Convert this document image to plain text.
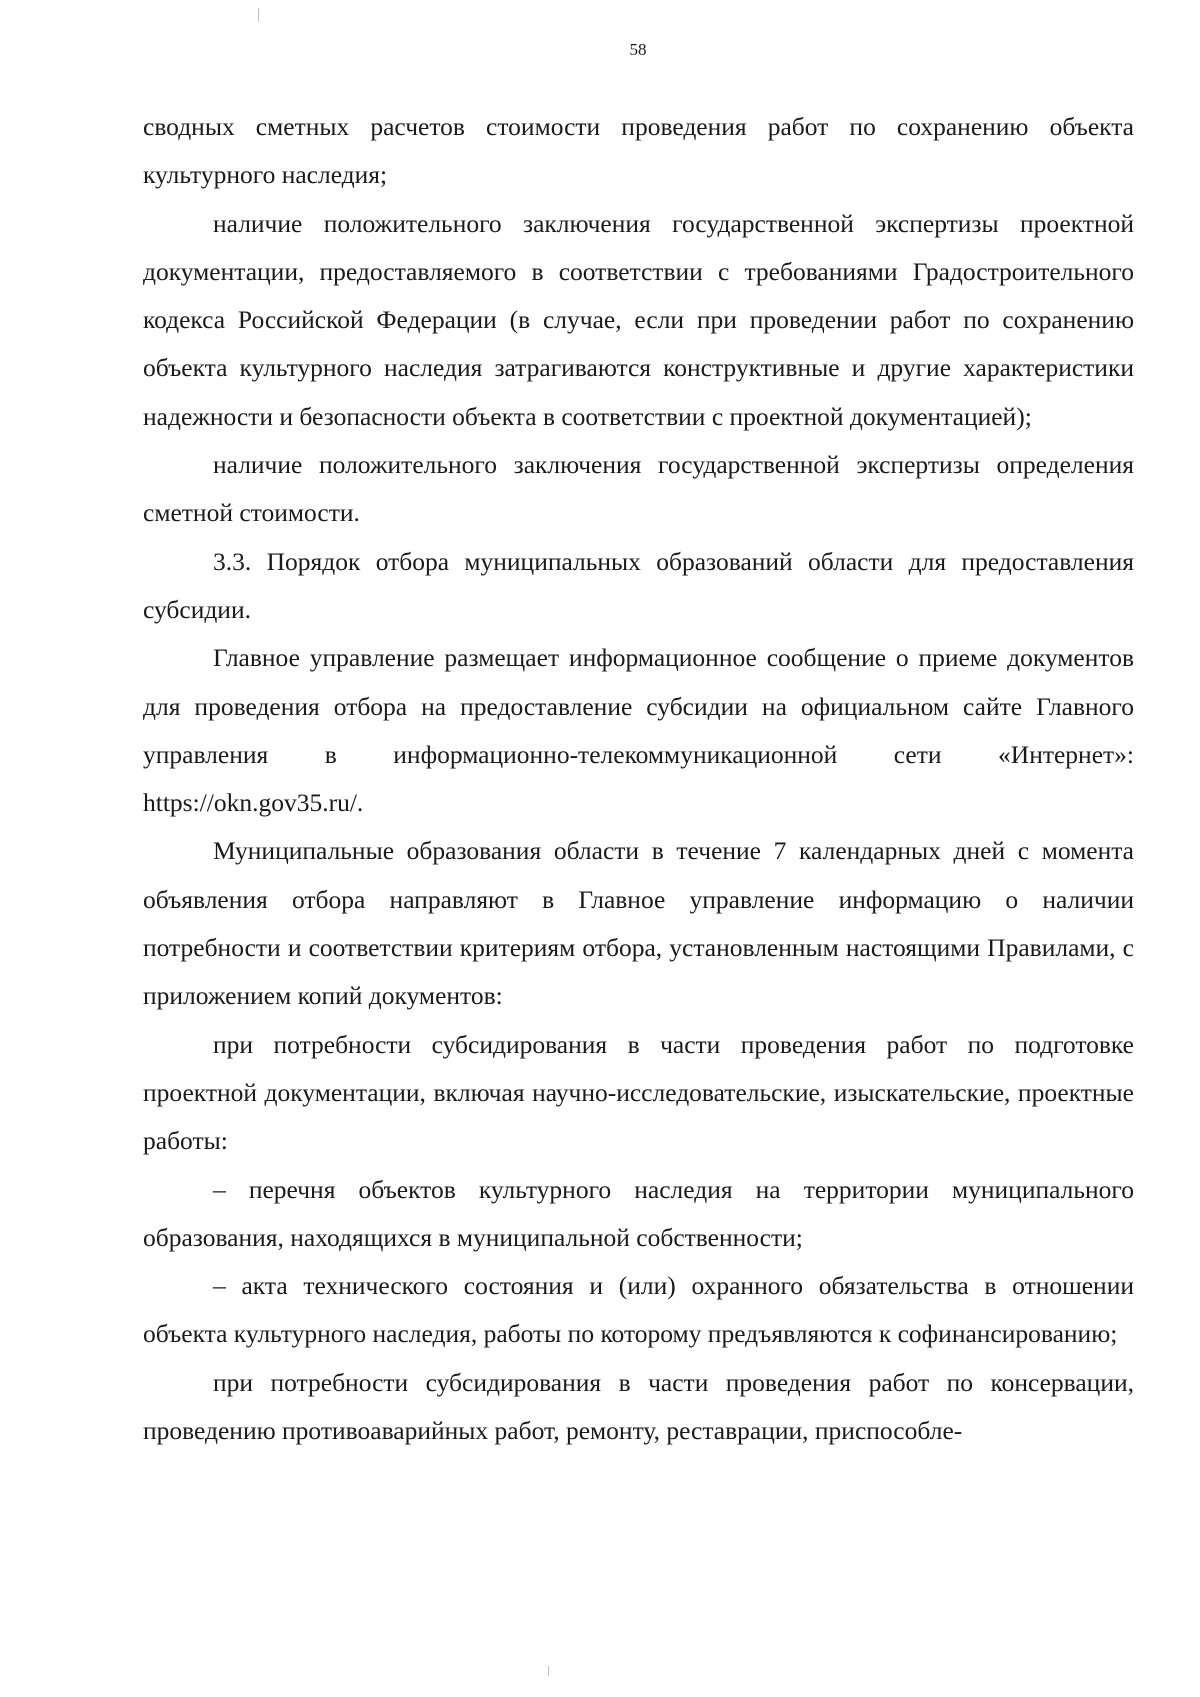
58

сводных сметных расчетов стоимости проведения работ по сохранению объекта культурного наследия;

наличие положительного заключения государственной экспертизы проектной документации, предоставляемого в соответствии с требованиями Градостроительного кодекса Российской Федерации (в случае, если при проведении работ по сохранению объекта культурного наследия затрагиваются конструктивные и другие характеристики надежности и безопасности объекта в соответствии с проектной документацией);

наличие положительного заключения государственной экспертизы определения сметной стоимости.

3.3. Порядок отбора муниципальных образований области для предоставления субсидии.

Главное управление размещает информационное сообщение о приеме документов для проведения отбора на предоставление субсидии на официальном сайте Главного управления в информационно-телекоммуникационной сети «Интернет»: https://okn.gov35.ru/.

Муниципальные образования области в течение 7 календарных дней с момента объявления отбора направляют в Главное управление информацию о наличии потребности и соответствии критериям отбора, установленным настоящими Правилами, с приложением копий документов:

при потребности субсидирования в части проведения работ по подготовке проектной документации, включая научно-исследовательские, изыскательские, проектные работы:

– перечня объектов культурного наследия на территории муниципального образования, находящихся в муниципальной собственности;

– акта технического состояния и (или) охранного обязательства в отношении объекта культурного наследия, работы по которому предъявляются к софинансированию;

при потребности субсидирования в части проведения работ по консервации, проведению противоаварийных работ, ремонту, реставрации, приспособле-
